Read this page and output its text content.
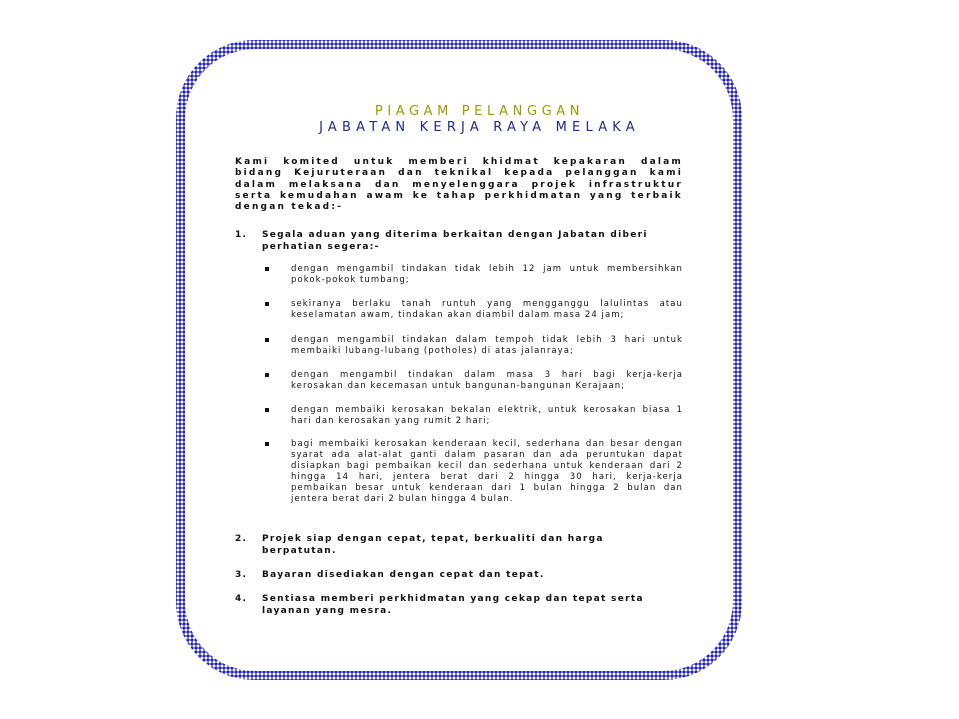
PIAGAM PELANGGAN

JABATAN KERJA RAYA MELAKA

Kami komited untuk memberi khidmat kepakaran dalam bidang Kejuruteraan dan teknikal kepada pelanggan kami dalam melaksana dan menyelenggara projek infrastruktur serta kemudahan awam ke tahap perkhidmatan yang terbaik dengan tekad:-

1. Segala aduan yang diterima berkaitan dengan Jabatan diberi perhatian segera:-
dengan mengambil tindakan tidak lebih 12 jam untuk membersihkan pokok-pokok tumbang;
sekiranya berlaku tanah runtuh yang mengganggu lalulintas atau keselamatan awam, tindakan akan diambil dalam masa 24 jam;
dengan mengambil tindakan dalam tempoh tidak lebih 3 hari untuk membaiki lubang-lubang (potholes) di atas jalanraya;
dengan mengambil tindakan dalam masa 3 hari bagi kerja-kerja kerosakan dan kecemasan untuk bangunan-bangunan Kerajaan;
dengan membaiki kerosakan bekalan elektrik, untuk kerosakan biasa 1 hari dan kerosakan yang rumit 2 hari;
bagi membaiki kerosakan kenderaan kecil, sederhana dan besar dengan syarat ada alat-alat ganti dalam pasaran dan ada peruntukan dapat disiapkan bagi pembaikan kecil dan sederhana untuk kenderaan dari 2 hingga 14 hari, jentera berat dari 2 hingga 30 hari, kerja-kerja pembaikan besar untuk kenderaan dari 1 bulan hingga 2 bulan dan jentera berat dari 2 bulan hingga 4 bulan.
2. Projek siap dengan cepat, tepat, berkualiti dan harga berpatutan.
3. Bayaran disediakan dengan cepat dan tepat.
4. Sentiasa memberi perkhidmatan yang cekap dan tepat serta layanan yang mesra.
